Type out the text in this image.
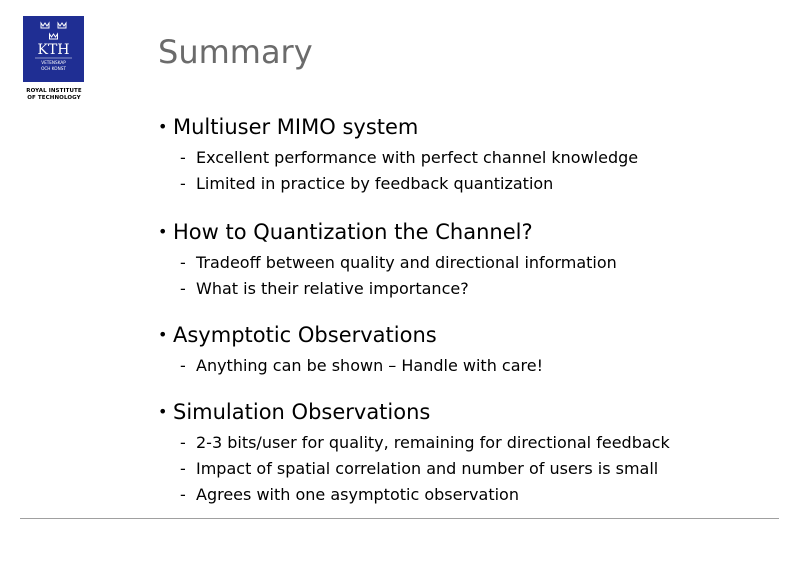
KTH
VETENSKAP
OCH KONST
ROYAL INSTITUTE
OF TECHNOLOGY
Summary
• Multiuser MIMO system
- Excellent performance with perfect channel knowledge
- Limited in practice by feedback quantization
• How to Quantization the Channel?
- Tradeoff between quality and directional information
- What is their relative importance?
• Asymptotic Observations
- Anything can be shown – Handle with care!
• Simulation Observations
- 2-3 bits/user for quality, remaining for directional feedback
- Impact of spatial correlation and number of users is small
- Agrees with one asymptotic observation
